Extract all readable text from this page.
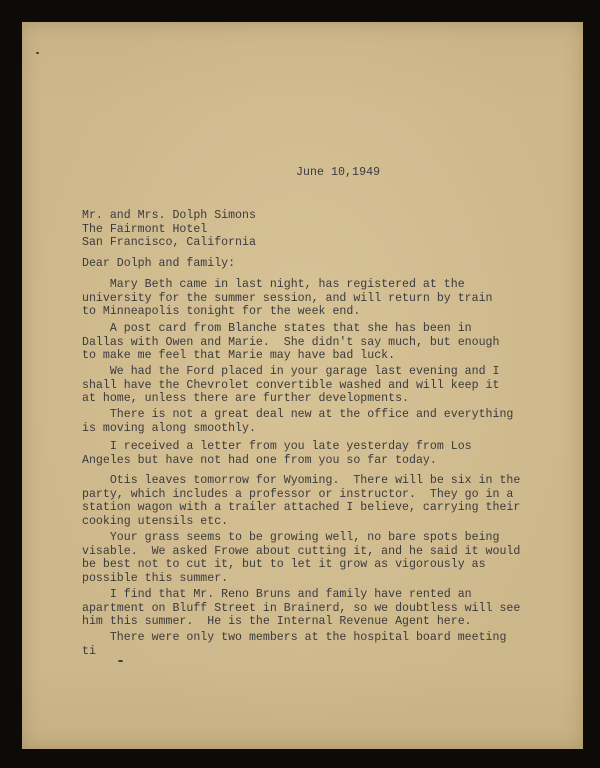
June 10,1949
Mr. and Mrs. Dolph Simons
The Fairmont Hotel
San Francisco, California
Dear Dolph and family:
Mary Beth came in last night, has registered at the
university for the summer session, and will return by train
to Minneapolis tonight for the week end.
A post card from Blanche states that she has been in
Dallas with Owen and Marie.  She didn't say much, but enough
to make me feel that Marie may have bad luck.
We had the Ford placed in your garage last evening and I
shall have the Chevrolet convertible washed and will keep it
at home, unless there are further developments.
There is not a great deal new at the office and everything
is moving along smoothly.
I received a letter from you late yesterday from Los
Angeles but have not had one from you so far today.
Otis leaves tomorrow for Wyoming.  There will be six in the
party, which includes a professor or instructor.  They go in a
station wagon with a trailer attached I believe, carrying their
cooking utensils etc.
Your grass seems to be growing well, no bare spots being
visable.  We asked Frowe about cutting it, and he said it would
be best not to cut it, but to let it grow as vigorously as
possible this summer.
I find that Mr. Reno Bruns and family have rented an
apartment on Bluff Street in Brainerd, so we doubtless will see
him this summer.  He is the Internal Revenue Agent here.
There were only two members at the hospital board meeting
ti
